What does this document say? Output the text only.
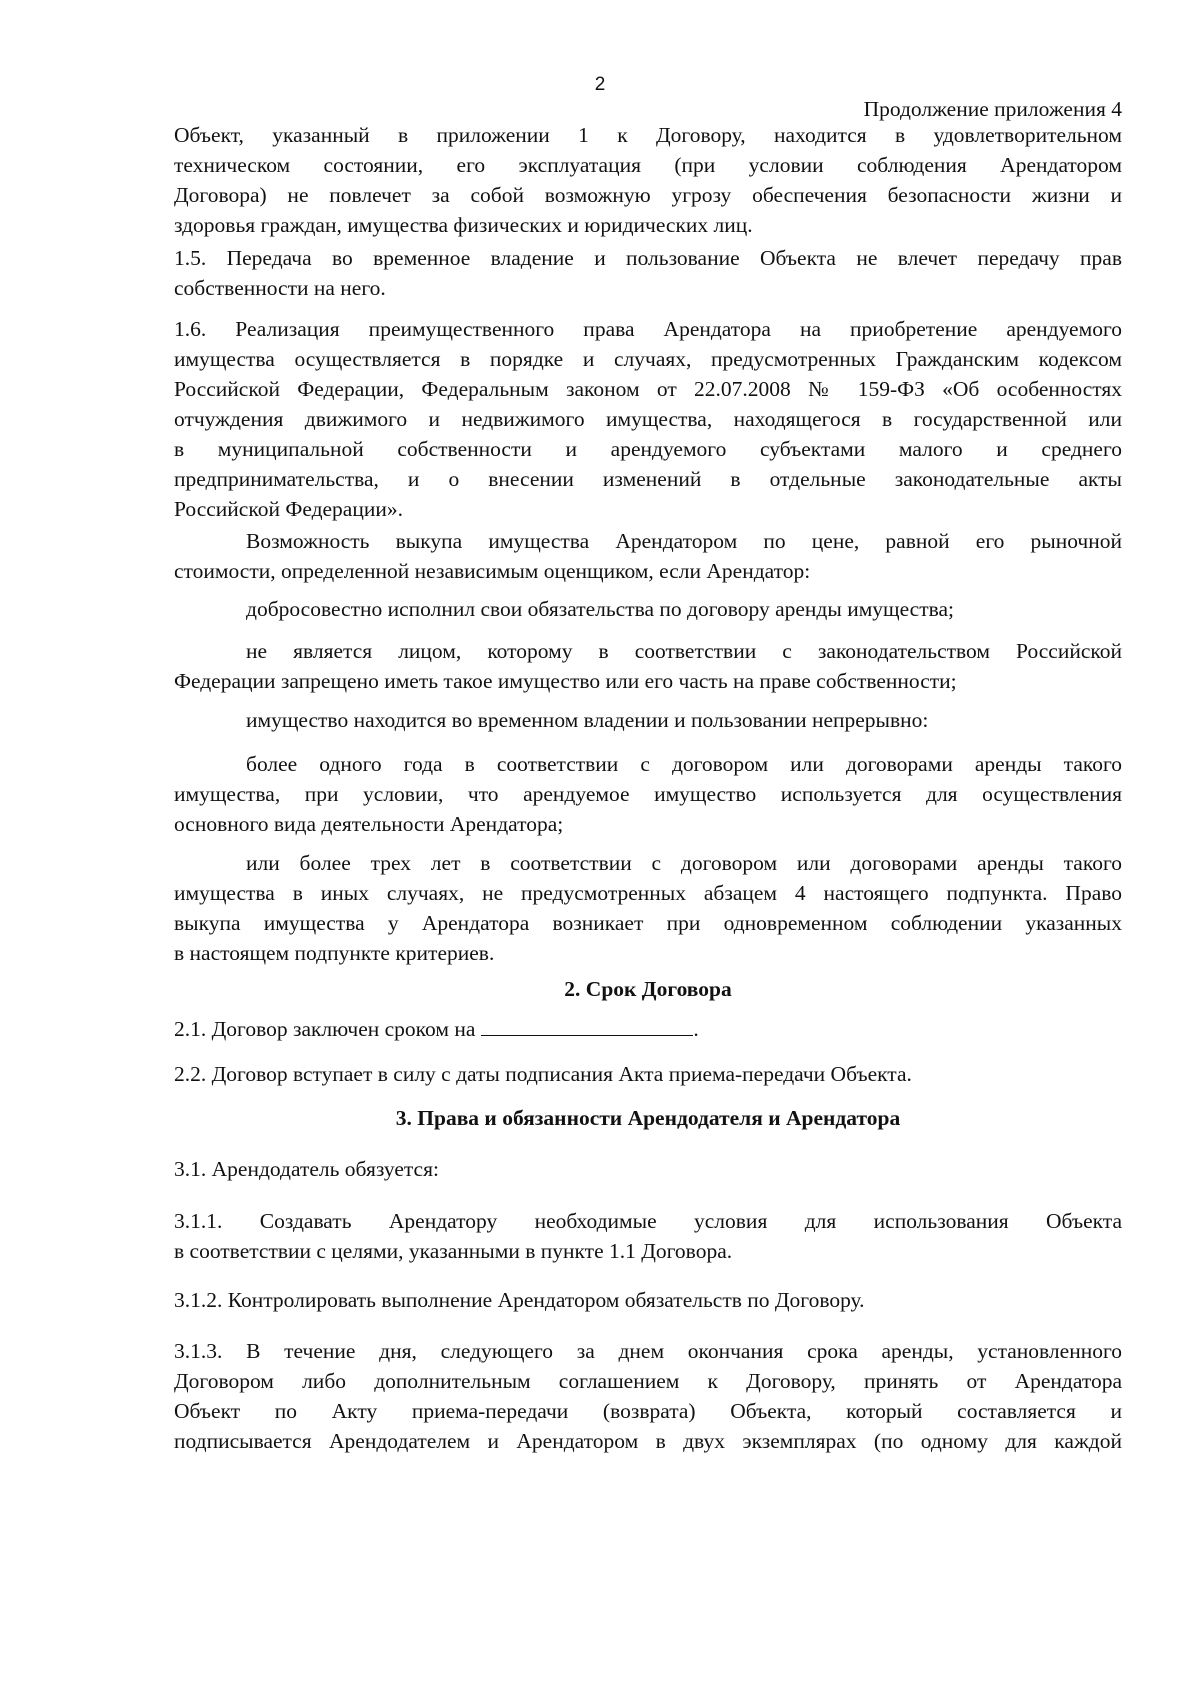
2

Продолжение приложения 4

Объект, указанный в приложении 1 к Договору, находится в удовлетворительном
техническом состоянии, его эксплуатация (при условии соблюдения Арендатором
Договора) не повлечет за собой возможную угрозу обеспечения безопасности жизни и
здоровья граждан, имущества физических и юридических лиц.
1.5. Передача во временное владение и пользование Объекта не влечет передачу прав
собственности на него.
1.6. Реализация преимущественного права Арендатора на приобретение арендуемого
имущества осуществляется в порядке и случаях, предусмотренных Гражданским кодексом
Российской Федерации, Федеральным законом от 22.07.2008 № 159-ФЗ «Об особенностях
отчуждения движимого и недвижимого имущества, находящегося в государственной или
в муниципальной собственности и арендуемого субъектами малого и среднего
предпринимательства, и о внесении изменений в отдельные законодательные акты
Российской Федерации».
Возможность выкупа имущества Арендатором по цене, равной его рыночной
стоимости, определенной независимым оценщиком, если Арендатор:
добросовестно исполнил свои обязательства по договору аренды имущества;
не является лицом, которому в соответствии с законодательством Российской
Федерации запрещено иметь такое имущество или его часть на праве собственности;
имущество находится во временном владении и пользовании непрерывно:
более одного года в соответствии с договором или договорами аренды такого
имущества, при условии, что арендуемое имущество используется для осуществления
основного вида деятельности Арендатора;
или более трех лет в соответствии с договором или договорами аренды такого
имущества в иных случаях, не предусмотренных абзацем 4 настоящего подпункта. Право
выкупа имущества у Арендатора возникает при одновременном соблюдении указанных
в настоящем подпункте критериев.
2. Срок Договора
2.1. Договор заключен сроком на	.
2.2. Договор вступает в силу с даты подписания Акта приема-передачи Объекта.
3. Права и обязанности Арендодателя и Арендатора
3.1. Арендодатель обязуется:
3.1.1. Создавать Арендатору необходимые условия для использования Объекта
в соответствии с целями, указанными в пункте 1.1 Договора.
3.1.2. Контролировать выполнение Арендатором обязательств по Договору.
3.1.3. В течение дня, следующего за днем окончания срока аренды, установленного
Договором либо дополнительным соглашением к Договору, принять от Арендатора
Объект по Акту приема-передачи (возврата) Объекта, который составляется и
подписывается Арендодателем и Арендатором в двух экземплярах (по одному для каждой
